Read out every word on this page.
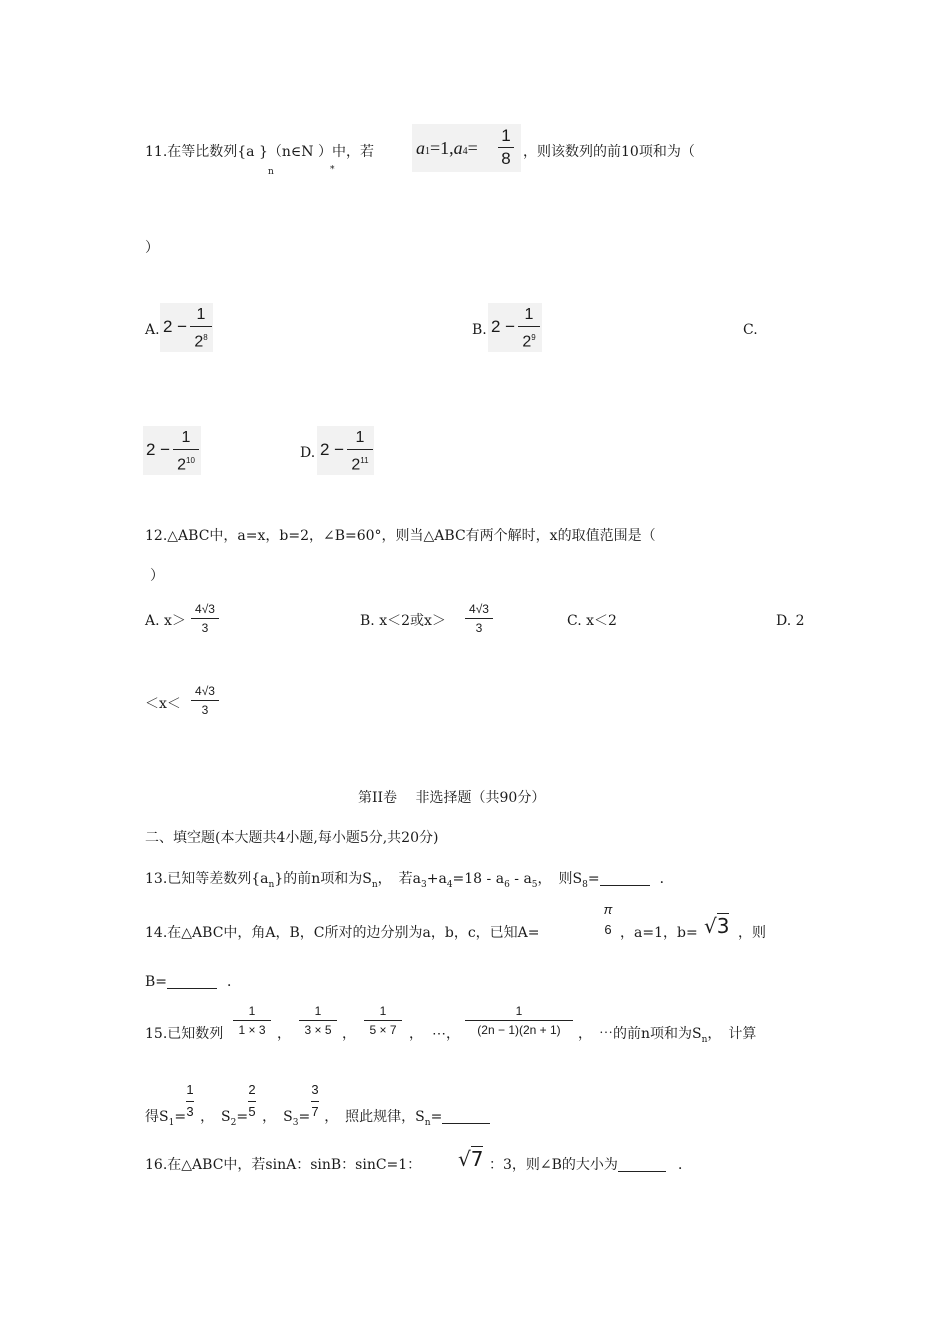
11.在等比数列{a }（n∈N ）中，若
n	*
a1=1,a4=
1
8 ，则该数列的前10项和为（
）
A. 2 −
1
$2^8$	B. 2 −
1
$2^9$	C.
2 −
1
$2^{10}$	D. 2 −
1
$2^{11}$
12.△ABC中，a=x，b=2，∠B=60°，则当△ABC有两个解时，x的取值范围是（
）
A. x＞
4√3
3	B. x＜2或x＞
4√3
3	C. x＜2	D. 2
＜x＜
4√3
3
第II卷　 非选择题（共90分）
二、填空题(本大题共4小题,每小题5分,共20分)
13.已知等差数列$\{a_n\}$的前n项和为$S_n$，　若$a_3+a_4=18 - a_6 - a_5$，　则$S_8=$	．
14.在△ABC中，角A，B，C所对的边分别为a，b，c，已知A=
π
6 ，a=1，b= √3 ，则
B=	．
15.已知数列
1
1 × 3 ，
1
3 × 5 ，
1
5 × 7 ， ⋯，
1
(2n − 1)(2n + 1)	，　⋯的前n项和为$S_n$，　计算
得$S_1=$ ，　$S_2=$ ，　$S_3=$ ，　照此规律，$S_n=$
1
3
2
5
3
7
16.在△ABC中，若sinA：sinB：sinC=1： √7 ：3，则∠B的大小为	．
